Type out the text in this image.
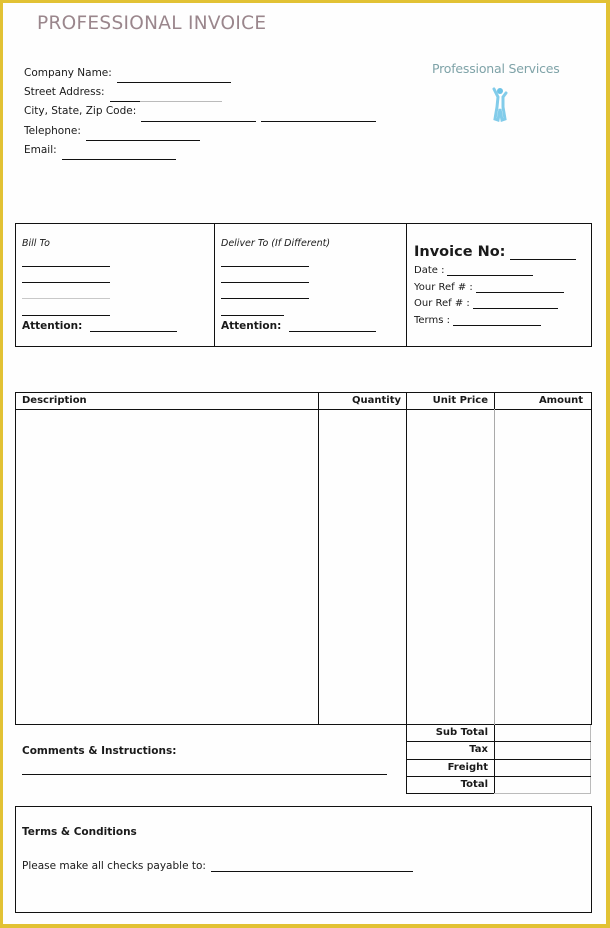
PROFESSIONAL INVOICE
Company Name:
Street Address:
City, State, Zip Code:
Telephone:
Email:
Professional Services
Bill To
Attention:
Deliver To (If Different)
Attention:
Invoice No:
Date :
Your Ref # :
Our Ref # :
Terms :
Description	Quantity	Unit Price	Amount
Sub Total
Tax
Freight
Total
Comments & Instructions:
Terms & Conditions
Please make all checks payable to:
